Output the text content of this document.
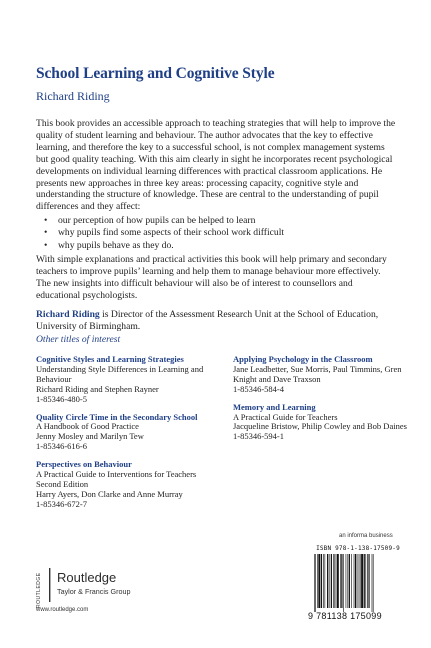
School Learning and Cognitive Style
Richard Riding

This book provides an accessible approach to teaching strategies that will help to improve the quality of student learning and behaviour. The author advocates that the key to effective learning, and therefore the key to a successful school, is not complex management systems but good quality teaching. With this aim clearly in sight he incorporates recent psychological developments on individual learning differences with practical classroom applications. He presents new approaches in three key areas: processing capacity, cognitive style and understanding the structure of knowledge. These are central to the understanding of pupil differences and they affect:

• our perception of how pupils can be helped to learn
• why pupils find some aspects of their school work difficult
• why pupils behave as they do.

With simple explanations and practical activities this book will help primary and secondary teachers to improve pupils’ learning and help them to manage behaviour more effectively. The new insights into difficult behaviour will also be of interest to counsellors and educational psychologists.

Richard Riding is Director of the Assessment Research Unit at the School of Education, University of Birmingham.

Other titles of interest
Cognitive Styles and Learning Strategies
Understanding Style Differences in Learning and Behaviour
Richard Riding and Stephen Rayner
1-85346-480-5
Quality Circle Time in the Secondary School
A Handbook of Good Practice
Jenny Mosley and Marilyn Tew
1-85346-616-6
Perspectives on Behaviour
A Practical Guide to Interventions for Teachers
Second Edition
Harry Ayers, Don Clarke and Anne Murray
1-85346-672-7
Applying Psychology in the Classroom
Jane Leadbetter, Sue Morris, Paul Timmins, Gren Knight and Dave Traxson
1-85346-584-4
Memory and Learning
A Practical Guide for Teachers
Jacqueline Bristow, Philip Cowley and Bob Daines
1-85346-594-1
an informa business
ISBN 978-1-138-17509-9
9 781138 175099
ROUTLEDGE	Routledge
Taylor & Francis Group
www.routledge.com
